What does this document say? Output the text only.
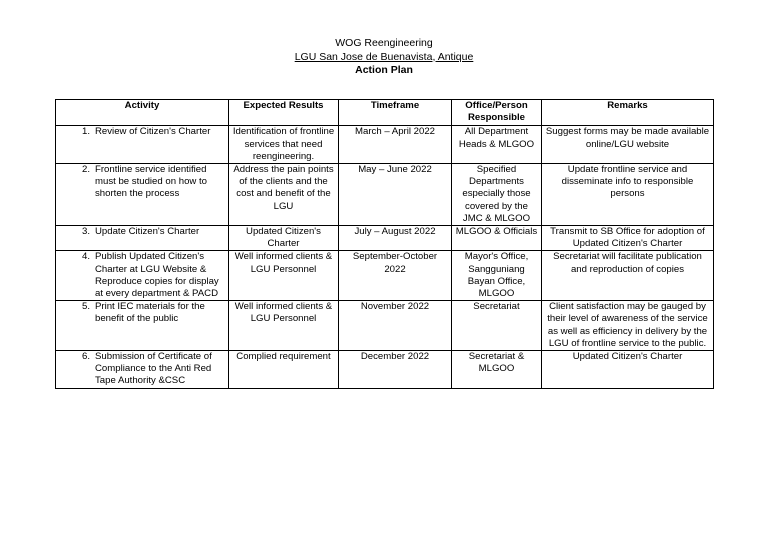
WOG Reengineering
LGU San Jose de Buenavista, Antique
Action Plan
Activity	Expected Results	Timeframe	Office/Person Responsible	Remarks

1. Review of Citizen's Charter	Identification of frontline services that need reengineering.	March – April 2022	All Department Heads & MLGOO	Suggest forms may be made available online/LGU website

2. Frontline service identified must be studied on how to shorten the process	Address the pain points of the clients and the cost and benefit of the LGU	May – June 2022	Specified Departments especially those covered by the JMC & MLGOO	Update frontline service and disseminate info to responsible persons

3. Update Citizen's Charter	Updated Citizen's Charter	July – August 2022	MLGOO & Officials	Transmit to SB Office for adoption of Updated Citizen's Charter

4. Publish Updated Citizen's Charter at LGU Website & Reproduce copies for display at every department & PACD	Well informed clients & LGU Personnel	September-October 2022	Mayor's Office, Sangguniang Bayan Office, MLGOO	Secretariat will facilitate publication and reproduction of copies

5. Print IEC materials for the benefit of the public	Well informed clients & LGU Personnel	November 2022	Secretariat	Client satisfaction may be gauged by their level of awareness of the service as well as efficiency in delivery by the LGU of frontline service to the public.

6. Submission of Certificate of Compliance to the Anti Red Tape Authority &CSC	Complied requirement	December 2022	Secretariat & MLGOO	Updated Citizen's Charter
